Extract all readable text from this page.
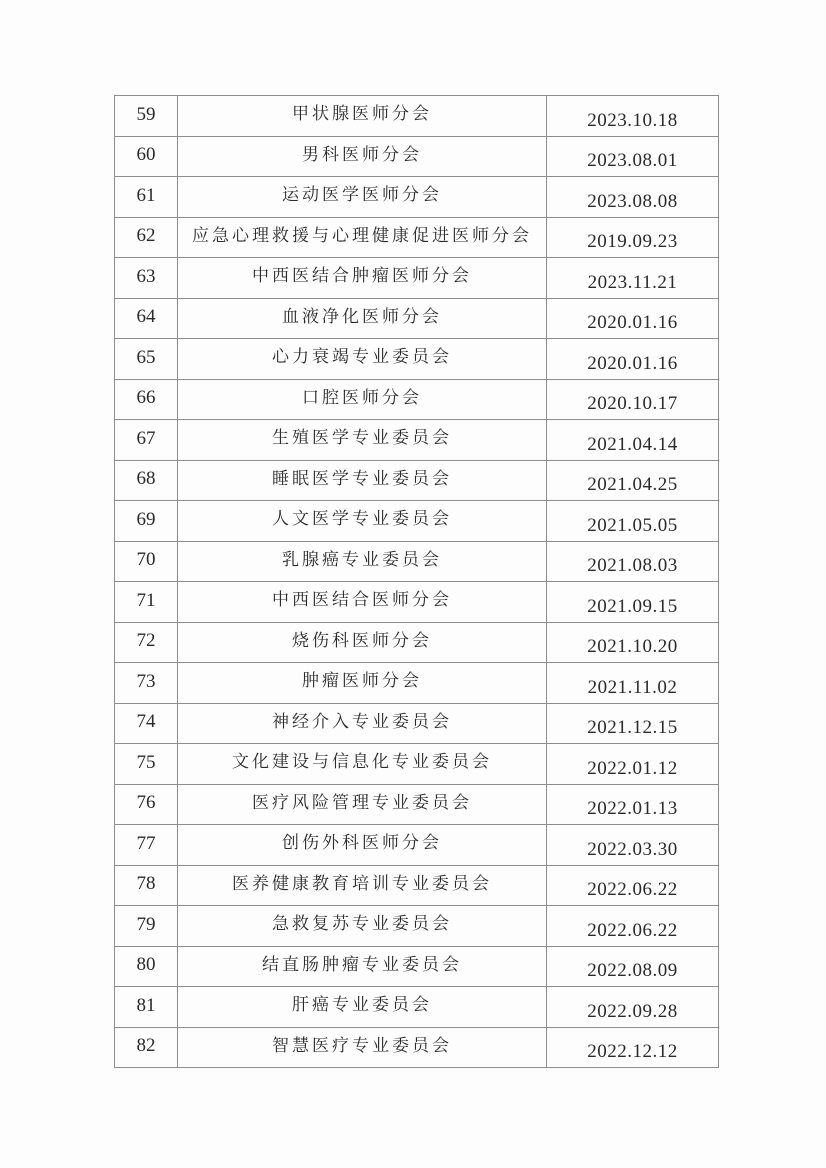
59	甲状腺医师分会	2023.10.18
60	男科医师分会	2023.08.01
61	运动医学医师分会	2023.08.08
62	应急心理救援与心理健康促进医师分会	2019.09.23
63	中西医结合肿瘤医师分会	2023.11.21
64	血液净化医师分会	2020.01.16
65	心力衰竭专业委员会	2020.01.16
66	口腔医师分会	2020.10.17
67	生殖医学专业委员会	2021.04.14
68	睡眠医学专业委员会	2021.04.25
69	人文医学专业委员会	2021.05.05
70	乳腺癌专业委员会	2021.08.03
71	中西医结合医师分会	2021.09.15
72	烧伤科医师分会	2021.10.20
73	肿瘤医师分会	2021.11.02
74	神经介入专业委员会	2021.12.15
75	文化建设与信息化专业委员会	2022.01.12
76	医疗风险管理专业委员会	2022.01.13
77	创伤外科医师分会	2022.03.30
78	医养健康教育培训专业委员会	2022.06.22
79	急救复苏专业委员会	2022.06.22
80	结直肠肿瘤专业委员会	2022.08.09
81	肝癌专业委员会	2022.09.28
82	智慧医疗专业委员会	2022.12.12
